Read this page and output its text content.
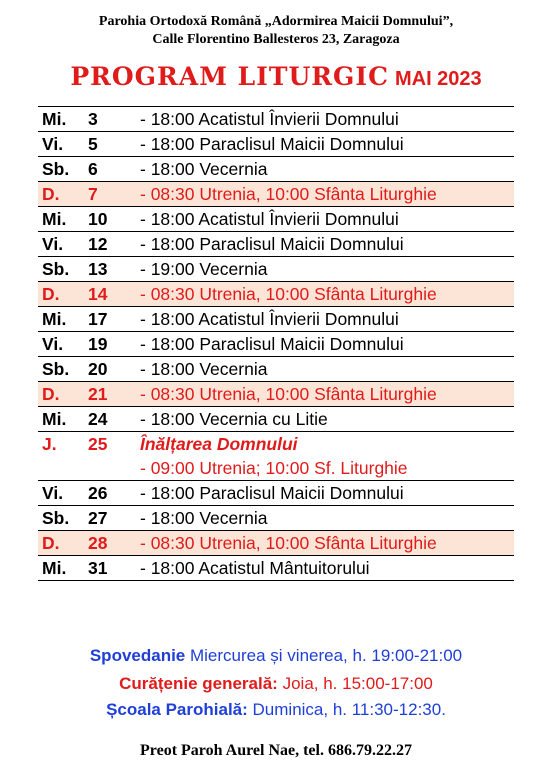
Parohia Ortodoxă Română „Adormirea Maicii Domnului”,
Calle Florentino Ballesteros 23, Zaragoza
PROGRAM LITURGIC MAI 2023
Mi.	3	- 18:00 Acatistul Învierii Domnului
Vi.	5	- 18:00 Paraclisul Maicii Domnului
Sb.	6	- 18:00 Vecernia
D.	7	- 08:30 Utrenia, 10:00 Sfânta Liturghie
Mi.	10	- 18:00 Acatistul Învierii Domnului
Vi.	12	- 18:00 Paraclisul Maicii Domnului
Sb.	13	- 19:00 Vecernia
D.	14	- 08:30 Utrenia, 10:00 Sfânta Liturghie
Mi.	17	- 18:00 Acatistul Învierii Domnului
Vi.	19	- 18:00 Paraclisul Maicii Domnului
Sb.	20	- 18:00 Vecernia
D.	21	- 08:30 Utrenia, 10:00 Sfânta Liturghie
Mi.	24	- 18:00 Vecernia cu Litie
J.	25	Înălțarea Domnului
		- 09:00 Utrenia; 10:00 Sf. Liturghie
Vi.	26	- 18:00 Paraclisul Maicii Domnului
Sb.	27	- 18:00 Vecernia
D.	28	- 08:30 Utrenia, 10:00 Sfânta Liturghie
Mi.	31	- 18:00 Acatistul Mântuitorului
Spovedanie Miercurea și vinerea, h. 19:00-21:00
Curățenie generală: Joia, h. 15:00-17:00
Școala Parohială: Duminica, h. 11:30-12:30.
Preot Paroh Aurel Nae, tel. 686.79.22.27
